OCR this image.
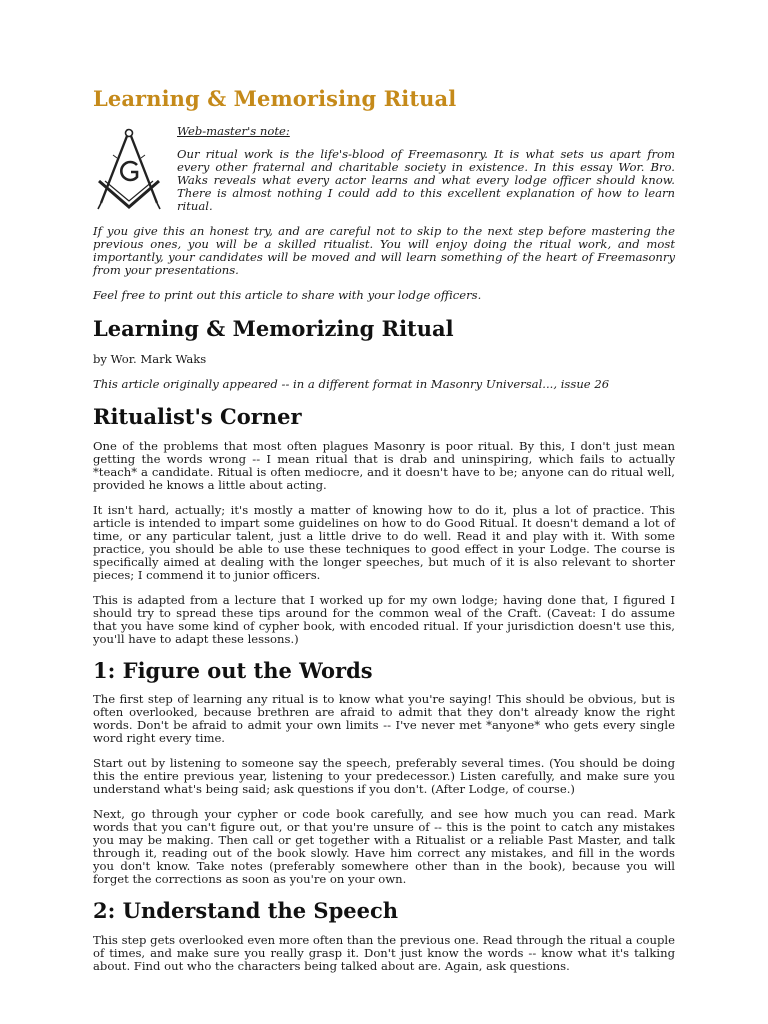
Learning & Memorising Ritual

Web-master's note:

Our ritual work is the life's-blood of Freemasonry. It is what sets us apart from every other fraternal and charitable society in existence. In this essay Wor. Bro. Waks reveals what every actor learns and what every lodge officer should know. There is almost nothing I could add to this excellent explanation of how to learn ritual.

If you give this an honest try, and are careful not to skip to the next step before mastering the previous ones, you will be a skilled ritualist. You will enjoy doing the ritual work, and most importantly, your candidates will be moved and will learn something of the heart of Freemasonry from your presentations.

Feel free to print out this article to share with your lodge officers.

Learning & Memorizing Ritual

by Wor. Mark Waks

This article originally appeared -- in a different format in Masonry Universal..., issue 26

Ritualist's Corner

One of the problems that most often plagues Masonry is poor ritual. By this, I don't just mean getting the words wrong -- I mean ritual that is drab and uninspiring, which fails to actually *teach* a candidate. Ritual is often mediocre, and it doesn't have to be; anyone can do ritual well, provided he knows a little about acting.

It isn't hard, actually; it's mostly a matter of knowing how to do it, plus a lot of practice. This article is intended to impart some guidelines on how to do Good Ritual. It doesn't demand a lot of time, or any particular talent, just a little drive to do well. Read it and play with it. With some practice, you should be able to use these techniques to good effect in your Lodge. The course is specifically aimed at dealing with the longer speeches, but much of it is also relevant to shorter pieces; I commend it to junior officers.

This is adapted from a lecture that I worked up for my own lodge; having done that, I figured I should try to spread these tips around for the common weal of the Craft. (Caveat: I do assume that you have some kind of cypher book, with encoded ritual. If your jurisdiction doesn't use this, you'll have to adapt these lessons.)

1: Figure out the Words

The first step of learning any ritual is to know what you're saying! This should be obvious, but is often overlooked, because brethren are afraid to admit that they don't already know the right words. Don't be afraid to admit your own limits -- I've never met *anyone* who gets every single word right every time.

Start out by listening to someone say the speech, preferably several times. (You should be doing this the entire previous year, listening to your predecessor.) Listen carefully, and make sure you understand what's being said; ask questions if you don't. (After Lodge, of course.)

Next, go through your cypher or code book carefully, and see how much you can read. Mark words that you can't figure out, or that you're unsure of -- this is the point to catch any mistakes you may be making. Then call or get together with a Ritualist or a reliable Past Master, and talk through it, reading out of the book slowly. Have him correct any mistakes, and fill in the words you don't know. Take notes (preferably somewhere other than in the book), because you will forget the corrections as soon as you're on your own.

2: Understand the Speech

This step gets overlooked even more often than the previous one. Read through the ritual a couple of times, and make sure you really grasp it. Don't just know the words -- know what it's talking about. Find out who the characters being talked about are. Again, ask questions.
